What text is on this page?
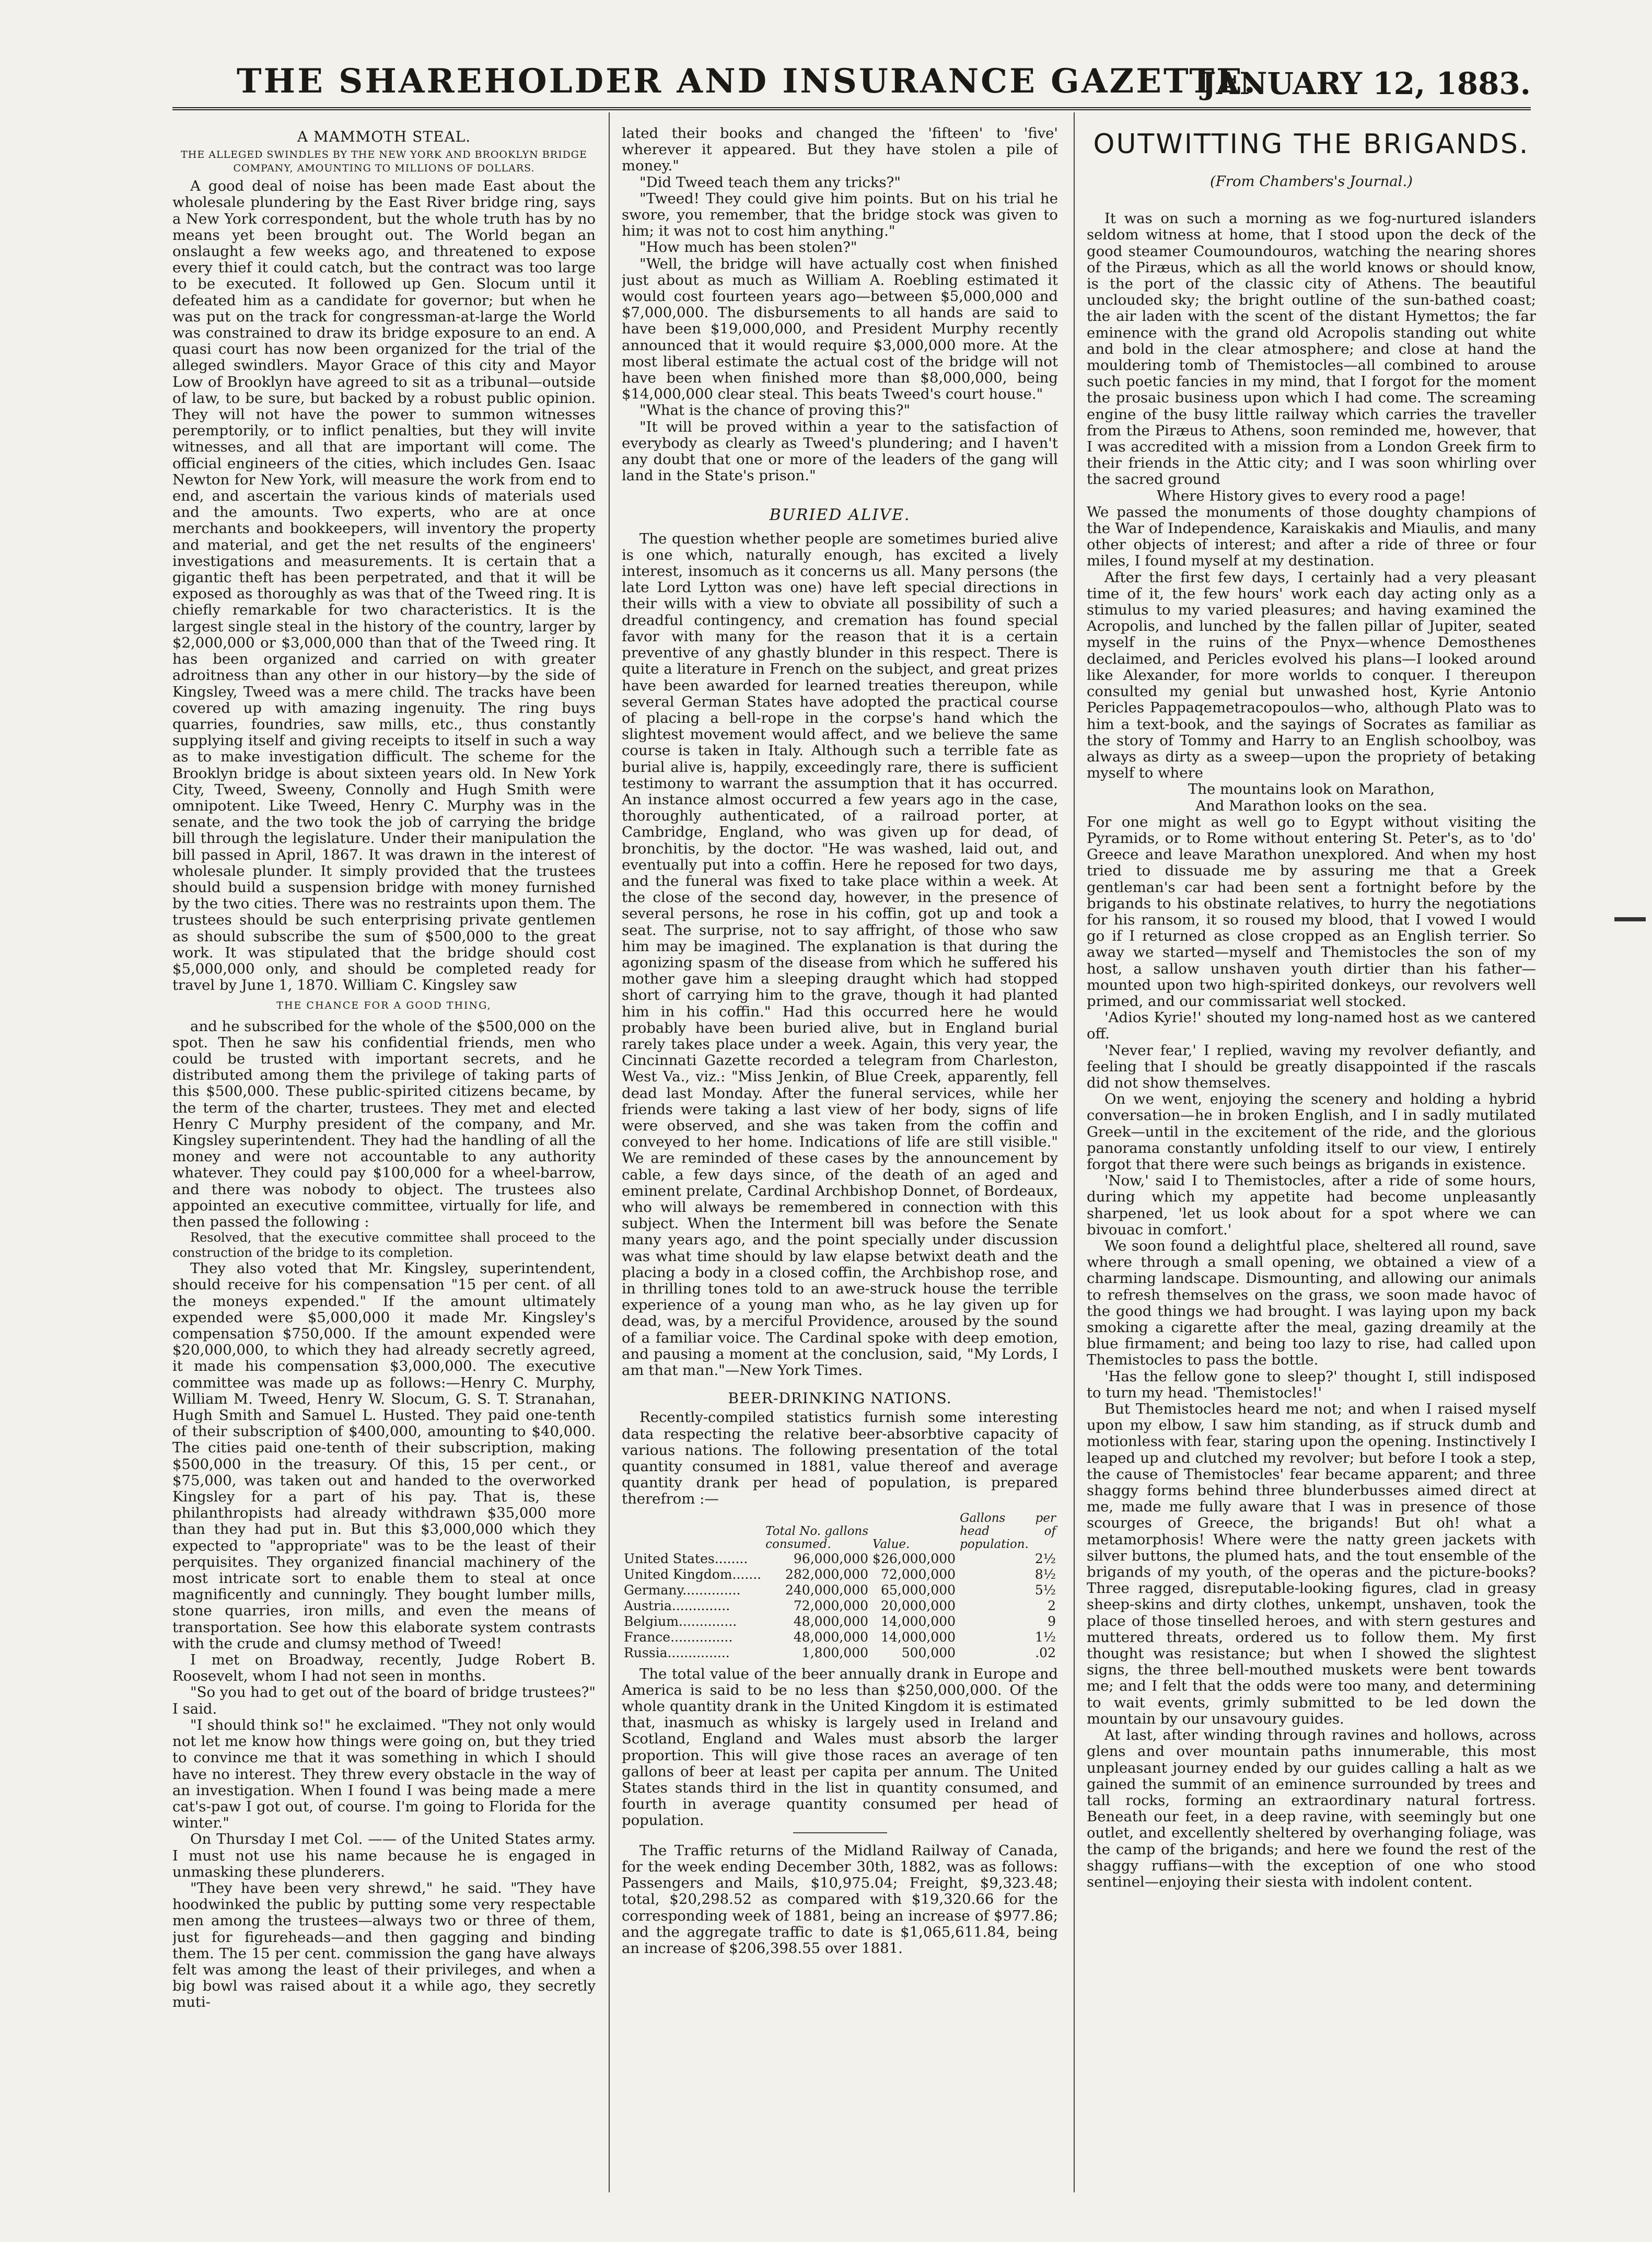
THE SHAREHOLDER AND INSURANCE GAZETTE.
JANUARY 12, 1883.
A MAMMOTH STEAL.
THE ALLEGED SWINDLES BY THE NEW YORK AND BROOKLYN BRIDGE COMPANY, AMOUNTING TO MILLIONS OF DOLLARS.

A good deal of noise has been made East about the wholesale plundering by the East River bridge ring, says a New York correspondent, but the whole truth has by no means yet been brought out. The World began an onslaught a few weeks ago, and threatened to expose every thief it could catch, but the contract was too large to be executed. It followed up Gen. Slocum until it defeated him as a candidate for governor; but when he was put on the track for congressman-at-large the World was constrained to draw its bridge exposure to an end. A quasi court has now been organized for the trial of the alleged swindlers. Mayor Grace of this city and Mayor Low of Brooklyn have agreed to sit as a tribunal—outside of law, to be sure, but backed by a robust public opinion. They will not have the power to summon witnesses peremptorily, or to inflict penalties, but they will invite witnesses, and all that are important will come. The official engineers of the cities, which includes Gen. Isaac Newton for New York, will measure the work from end to end, and ascertain the various kinds of materials used and the amounts. Two experts, who are at once merchants and bookkeepers, will inventory the property and material, and get the net results of the engineers' investigations and measurements. It is certain that a gigantic theft has been perpetrated, and that it will be exposed as thoroughly as was that of the Tweed ring. It is chiefly remarkable for two characteristics. It is the largest single steal in the history of the country, larger by $2,000,000 or $3,000,000 than that of the Tweed ring. It has been organized and carried on with greater adroitness than any other in our history—by the side of Kingsley, Tweed was a mere child. The tracks have been covered up with amazing ingenuity. The ring buys quarries, foundries, saw mills, etc., thus constantly supplying itself and giving receipts to itself in such a way as to make investigation difficult. The scheme for the Brooklyn bridge is about sixteen years old. In New York City, Tweed, Sweeny, Connolly and Hugh Smith were omnipotent. Like Tweed, Henry C. Murphy was in the senate, and the two took the job of carrying the bridge bill through the legislature. Under their manipulation the bill passed in April, 1867. It was drawn in the interest of wholesale plunder. It simply provided that the trustees should build a suspension bridge with money furnished by the two cities. There was no restraints upon them. The trustees should be such enterprising private gentlemen as should subscribe the sum of $500,000 to the great work. It was stipulated that the bridge should cost $5,000,000 only, and should be completed ready for travel by June 1, 1870. William C. Kingsley saw

THE CHANCE FOR A GOOD THING,

and he subscribed for the whole of the $500,000 on the spot. Then he saw his confidential friends, men who could be trusted with important secrets, and he distributed among them the privilege of taking parts of this $500,000. These public-spirited citizens became, by the term of the charter, trustees. They met and elected Henry C Murphy president of the company, and Mr. Kingsley superintendent. They had the handling of all the money and were not accountable to any authority whatever. They could pay $100,000 for a wheel-barrow, and there was nobody to object. The trustees also appointed an executive committee, virtually for life, and then passed the following :

Resolved, that the executive committee shall proceed to the construction of the bridge to its completion.

They also voted that Mr. Kingsley, superintendent, should receive for his compensation "15 per cent. of all the moneys expended." If the amount ultimately expended were $5,000,000 it made Mr. Kingsley's compensation $750,000. If the amount expended were $20,000,000, to which they had already secretly agreed, it made his compensation $3,000,000. The executive committee was made up as follows:—Henry C. Murphy, William M. Tweed, Henry W. Slocum, G. S. T. Stranahan, Hugh Smith and Samuel L. Husted. They paid one-tenth of their subscription of $400,000, amounting to $40,000. The cities paid one-tenth of their subscription, making $500,000 in the treasury. Of this, 15 per cent., or $75,000, was taken out and handed to the overworked Kingsley for a part of his pay. That is, these philanthropists had already withdrawn $35,000 more than they had put in. But this $3,000,000 which they expected to "appropriate" was to be the least of their perquisites. They organized financial machinery of the most intricate sort to enable them to steal at once magnificently and cunningly. They bought lumber mills, stone quarries, iron mills, and even the means of transportation. See how this elaborate system contrasts with the crude and clumsy method of Tweed!

I met on Broadway, recently, Judge Robert B. Roosevelt, whom I had not seen in months.

"So you had to get out of the board of bridge trustees?" I said.

"I should think so!" he exclaimed. "They not only would not let me know how things were going on, but they tried to convince me that it was something in which I should have no interest. They threw every obstacle in the way of an investigation. When I found I was being made a mere cat's-paw I got out, of course. I'm going to Florida for the winter."

On Thursday I met Col. —— of the United States army. I must not use his name because he is engaged in unmasking these plunderers.

"They have been very shrewd," he said. "They have hoodwinked the public by putting some very respectable men among the trustees—always two or three of them, just for figureheads—and then gagging and binding them. The 15 per cent. commission the gang have always felt was among the least of their privileges, and when a big bowl was raised about it a while ago, they secretly muti-

lated their books and changed the 'fifteen' to 'five' wherever it appeared. But they have stolen a pile of money."

"Did Tweed teach them any tricks?"

"Tweed! They could give him points. But on his trial he swore, you remember, that the bridge stock was given to him; it was not to cost him anything."

"How much has been stolen?"

"Well, the bridge will have actually cost when finished just about as much as William A. Roebling estimated it would cost fourteen years ago—between $5,000,000 and $7,000,000. The disbursements to all hands are said to have been $19,000,000, and President Murphy recently announced that it would require $3,000,000 more. At the most liberal estimate the actual cost of the bridge will not have been when finished more than $8,000,000, being $14,000,000 clear steal. This beats Tweed's court house."

"What is the chance of proving this?"

"It will be proved within a year to the satisfaction of everybody as clearly as Tweed's plundering; and I haven't any doubt that one or more of the leaders of the gang will land in the State's prison."

BURIED ALIVE.

The question whether people are sometimes buried alive is one which, naturally enough, has excited a lively interest, insomuch as it concerns us all. Many persons (the late Lord Lytton was one) have left special directions in their wills with a view to obviate all possibility of such a dreadful contingency, and cremation has found special favor with many for the reason that it is a certain preventive of any ghastly blunder in this respect. There is quite a literature in French on the subject, and great prizes have been awarded for learned treaties thereupon, while several German States have adopted the practical course of placing a bell-rope in the corpse's hand which the slightest movement would affect, and we believe the same course is taken in Italy. Although such a terrible fate as burial alive is, happily, exceedingly rare, there is sufficient testimony to warrant the assumption that it has occurred. An instance almost occurred a few years ago in the case, thoroughly authenticated, of a railroad porter, at Cambridge, England, who was given up for dead, of bronchitis, by the doctor. "He was washed, laid out, and eventually put into a coffin. Here he reposed for two days, and the funeral was fixed to take place within a week. At the close of the second day, however, in the presence of several persons, he rose in his coffin, got up and took a seat. The surprise, not to say affright, of those who saw him may be imagined. The explanation is that during the agonizing spasm of the disease from which he suffered his mother gave him a sleeping draught which had stopped short of carrying him to the grave, though it had planted him in his coffin." Had this occurred here he would probably have been buried alive, but in England burial rarely takes place under a week. Again, this very year, the Cincinnati Gazette recorded a telegram from Charleston, West Va., viz.: "Miss Jenkin, of Blue Creek, apparently, fell dead last Monday. After the funeral services, while her friends were taking a last view of her body, signs of life were observed, and she was taken from the coffin and conveyed to her home. Indications of life are still visible." We are reminded of these cases by the announcement by cable, a few days since, of the death of an aged and eminent prelate, Cardinal Archbishop Donnet, of Bordeaux, who will always be remembered in connection with this subject. When the Interment bill was before the Senate many years ago, and the point specially under discussion was what time should by law elapse betwixt death and the placing a body in a closed coffin, the Archbishop rose, and in thrilling tones told to an awe-struck house the terrible experience of a young man who, as he lay given up for dead, was, by a merciful Providence, aroused by the sound of a familiar voice. The Cardinal spoke with deep emotion, and pausing a moment at the conclusion, said, "My Lords, I am that man."—New York Times.

BEER-DRINKING NATIONS.

Recently-compiled statistics furnish some interesting data respecting the relative beer-absorbtive capacity of various nations. The following presentation of the total quantity consumed in 1881, value thereof and average quantity drank per head of population, is prepared therefrom :—

	Total No. gallons consumed.	Value.	Gallons per head of population.
United States........	96,000,000	$26,000,000	2½
United Kingdom.......	282,000,000	72,000,000	8½
Germany..............	240,000,000	65,000,000	5½
Austria..............	72,000,000	20,000,000	2
Belgium..............	48,000,000	14,000,000	9
France...............	48,000,000	14,000,000	1½
Russia...............	1,800,000	500,000	.02

The total value of the beer annually drank in Europe and America is said to be no less than $250,000,000. Of the whole quantity drank in the United Kingdom it is estimated that, inasmuch as whisky is largely used in Ireland and Scotland, England and Wales must absorb the larger proportion. This will give those races an average of ten gallons of beer at least per capita per annum. The United States stands third in the list in quantity consumed, and fourth in average quantity consumed per head of population.

The Traffic returns of the Midland Railway of Canada, for the week ending December 30th, 1882, was as follows: Passengers and Mails, $10,975.04; Freight, $9,323.48; total, $20,298.52 as compared with $19,320.66 for the corresponding week of 1881, being an increase of $977.86; and the aggregate traffic to date is $1,065,611.84, being an increase of $206,398.55 over 1881.

OUTWITTING THE BRIGANDS.
(From Chambers's Journal.)

It was on such a morning as we fog-nurtured islanders seldom witness at home, that I stood upon the deck of the good steamer Coumoundouros, watching the nearing shores of the Piræus, which as all the world knows or should know, is the port of the classic city of Athens. The beautiful unclouded sky; the bright outline of the sun-bathed coast; the air laden with the scent of the distant Hymettos; the far eminence with the grand old Acropolis standing out white and bold in the clear atmosphere; and close at hand the mouldering tomb of Themistocles—all combined to arouse such poetic fancies in my mind, that I forgot for the moment the prosaic business upon which I had come. The screaming engine of the busy little railway which carries the traveller from the Piræus to Athens, soon reminded me, however, that I was accredited with a mission from a London Greek firm to their friends in the Attic city; and I was soon whirling over the sacred ground

Where History gives to every rood a page!

We passed the monuments of those doughty champions of the War of Independence, Karaiskakis and Miaulis, and many other objects of interest; and after a ride of three or four miles, I found myself at my destination.

After the first few days, I certainly had a very pleasant time of it, the few hours' work each day acting only as a stimulus to my varied pleasures; and having examined the Acropolis, and lunched by the fallen pillar of Jupiter, seated myself in the ruins of the Pnyx—whence Demosthenes declaimed, and Pericles evolved his plans—I looked around like Alexander, for more worlds to conquer. I thereupon consulted my genial but unwashed host, Kyrie Antonio Pericles Pappaqemetracopoulos—who, although Plato was to him a text-book, and the sayings of Socrates as familiar as the story of Tommy and Harry to an English schoolboy, was always as dirty as a sweep—upon the propriety of betaking myself to where

The mountains look on Marathon,

And Marathon looks on the sea.

For one might as well go to Egypt without visiting the Pyramids, or to Rome without entering St. Peter's, as to 'do' Greece and leave Marathon unexplored. And when my host tried to dissuade me by assuring me that a Greek gentleman's car had been sent a fortnight before by the brigands to his obstinate relatives, to hurry the negotiations for his ransom, it so roused my blood, that I vowed I would go if I returned as close cropped as an English terrier. So away we started—myself and Themistocles the son of my host, a sallow unshaven youth dirtier than his father—mounted upon two high-spirited donkeys, our revolvers well primed, and our commissariat well stocked.

'Adios Kyrie!' shouted my long-named host as we cantered off.

'Never fear,' I replied, waving my revolver defiantly, and feeling that I should be greatly disappointed if the rascals did not show themselves.

On we went, enjoying the scenery and holding a hybrid conversation—he in broken English, and I in sadly mutilated Greek—until in the excitement of the ride, and the glorious panorama constantly unfolding itself to our view, I entirely forgot that there were such beings as brigands in existence.

'Now,' said I to Themistocles, after a ride of some hours, during which my appetite had become unpleasantly sharpened, 'let us look about for a spot where we can bivouac in comfort.'

We soon found a delightful place, sheltered all round, save where through a small opening, we obtained a view of a charming landscape. Dismounting, and allowing our animals to refresh themselves on the grass, we soon made havoc of the good things we had brought. I was laying upon my back smoking a cigarette after the meal, gazing dreamily at the blue firmament; and being too lazy to rise, had called upon Themistocles to pass the bottle.

'Has the fellow gone to sleep?' thought I, still indisposed to turn my head. 'Themistocles!'

But Themistocles heard me not; and when I raised myself upon my elbow, I saw him standing, as if struck dumb and motionless with fear, staring upon the opening. Instinctively I leaped up and clutched my revolver; but before I took a step, the cause of Themistocles' fear became apparent; and three shaggy forms behind three blunderbusses aimed direct at me, made me fully aware that I was in presence of those scourges of Greece, the brigands! But oh! what a metamorphosis! Where were the natty green jackets with silver buttons, the plumed hats, and the tout ensemble of the brigands of my youth, of the operas and the picture-books? Three ragged, disreputable-looking figures, clad in greasy sheep-skins and dirty clothes, unkempt, unshaven, took the place of those tinselled heroes, and with stern gestures and muttered threats, ordered us to follow them. My first thought was resistance; but when I showed the slightest signs, the three bell-mouthed muskets were bent towards me; and I felt that the odds were too many, and determining to wait events, grimly submitted to be led down the mountain by our unsavoury guides.

At last, after winding through ravines and hollows, across glens and over mountain paths innumerable, this most unpleasant journey ended by our guides calling a halt as we gained the summit of an eminence surrounded by trees and tall rocks, forming an extraordinary natural fortress. Beneath our feet, in a deep ravine, with seemingly but one outlet, and excellently sheltered by overhanging foliage, was the camp of the brigands; and here we found the rest of the shaggy ruffians—with the exception of one who stood sentinel—enjoying their siesta with indolent content.
